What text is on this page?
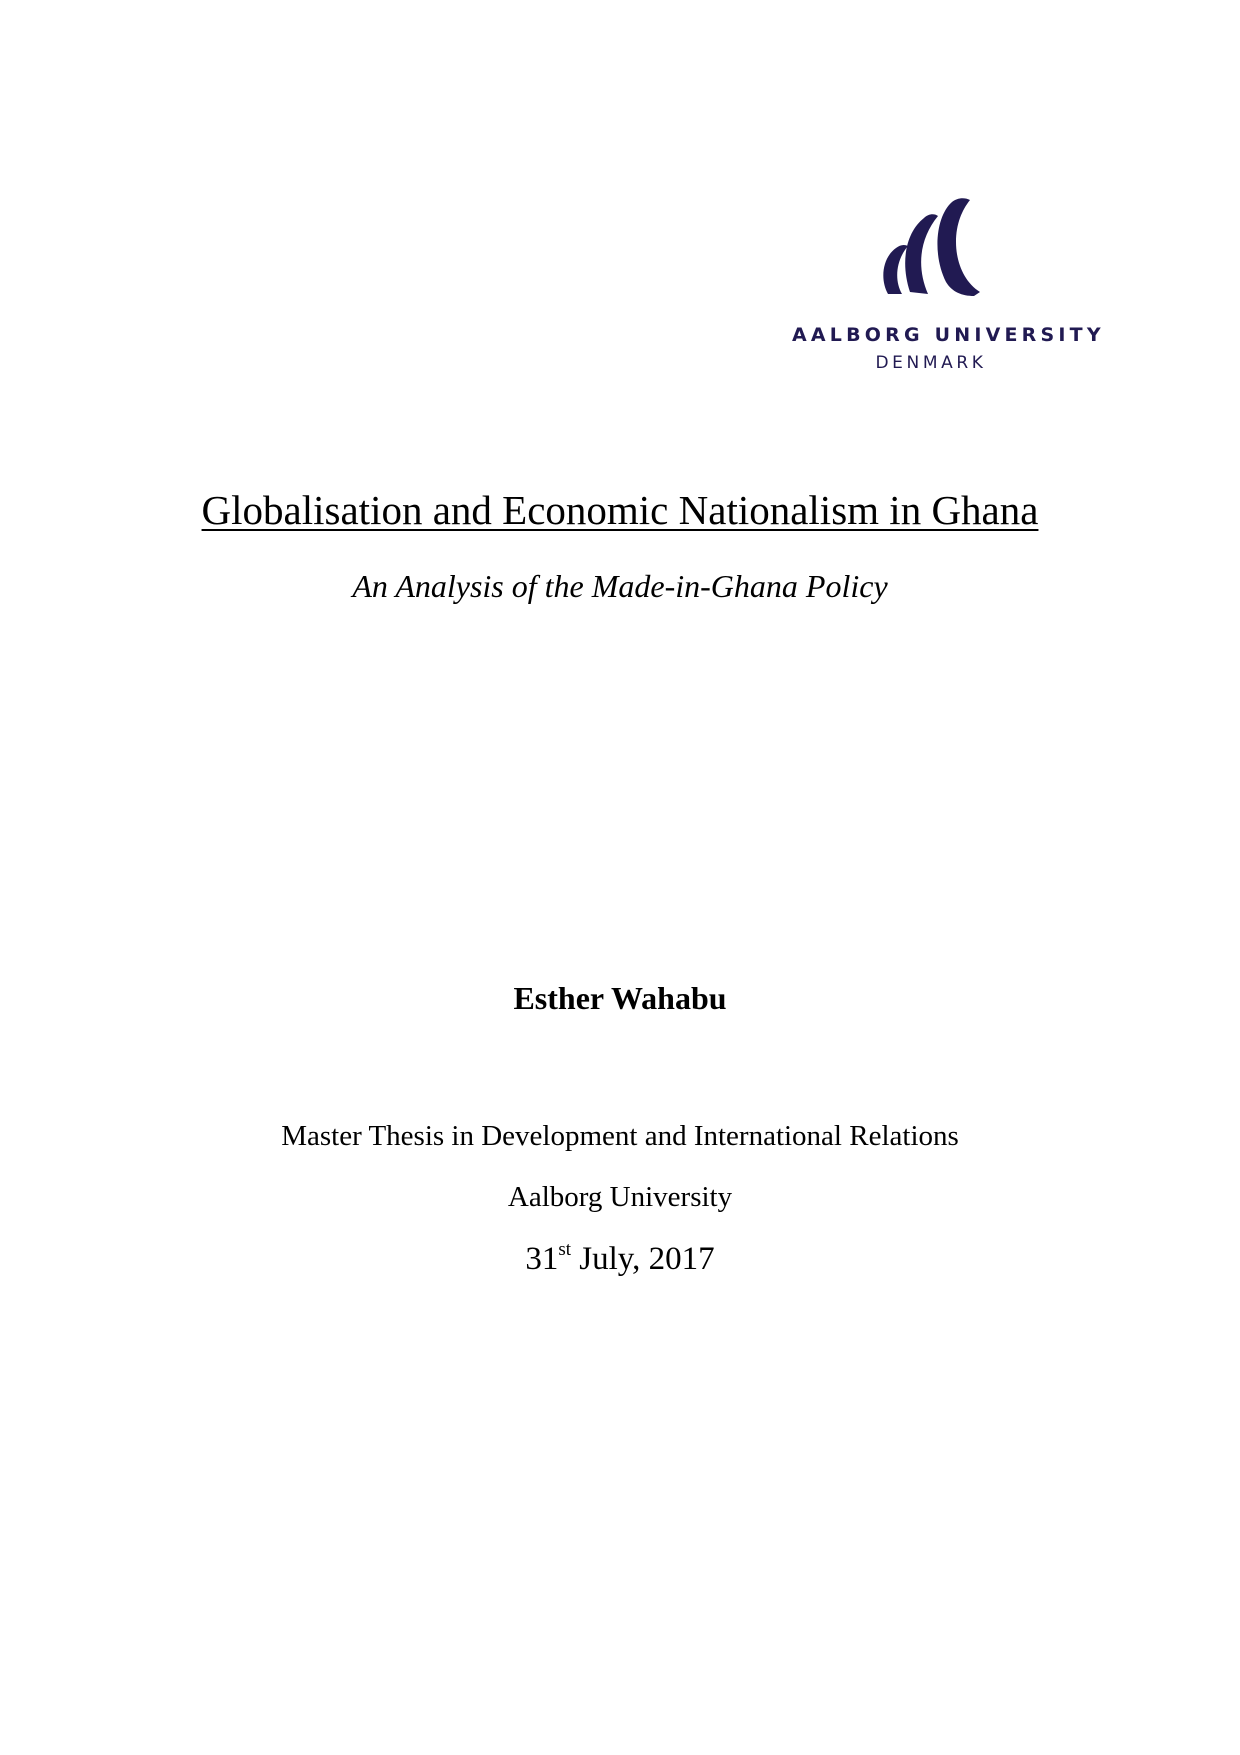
AALBORG UNIVERSITY
DENMARK
Globalisation and Economic Nationalism in Ghana
An Analysis of the Made-in-Ghana Policy
Esther Wahabu
Master Thesis in Development and International Relations
Aalborg University
31st July, 2017
